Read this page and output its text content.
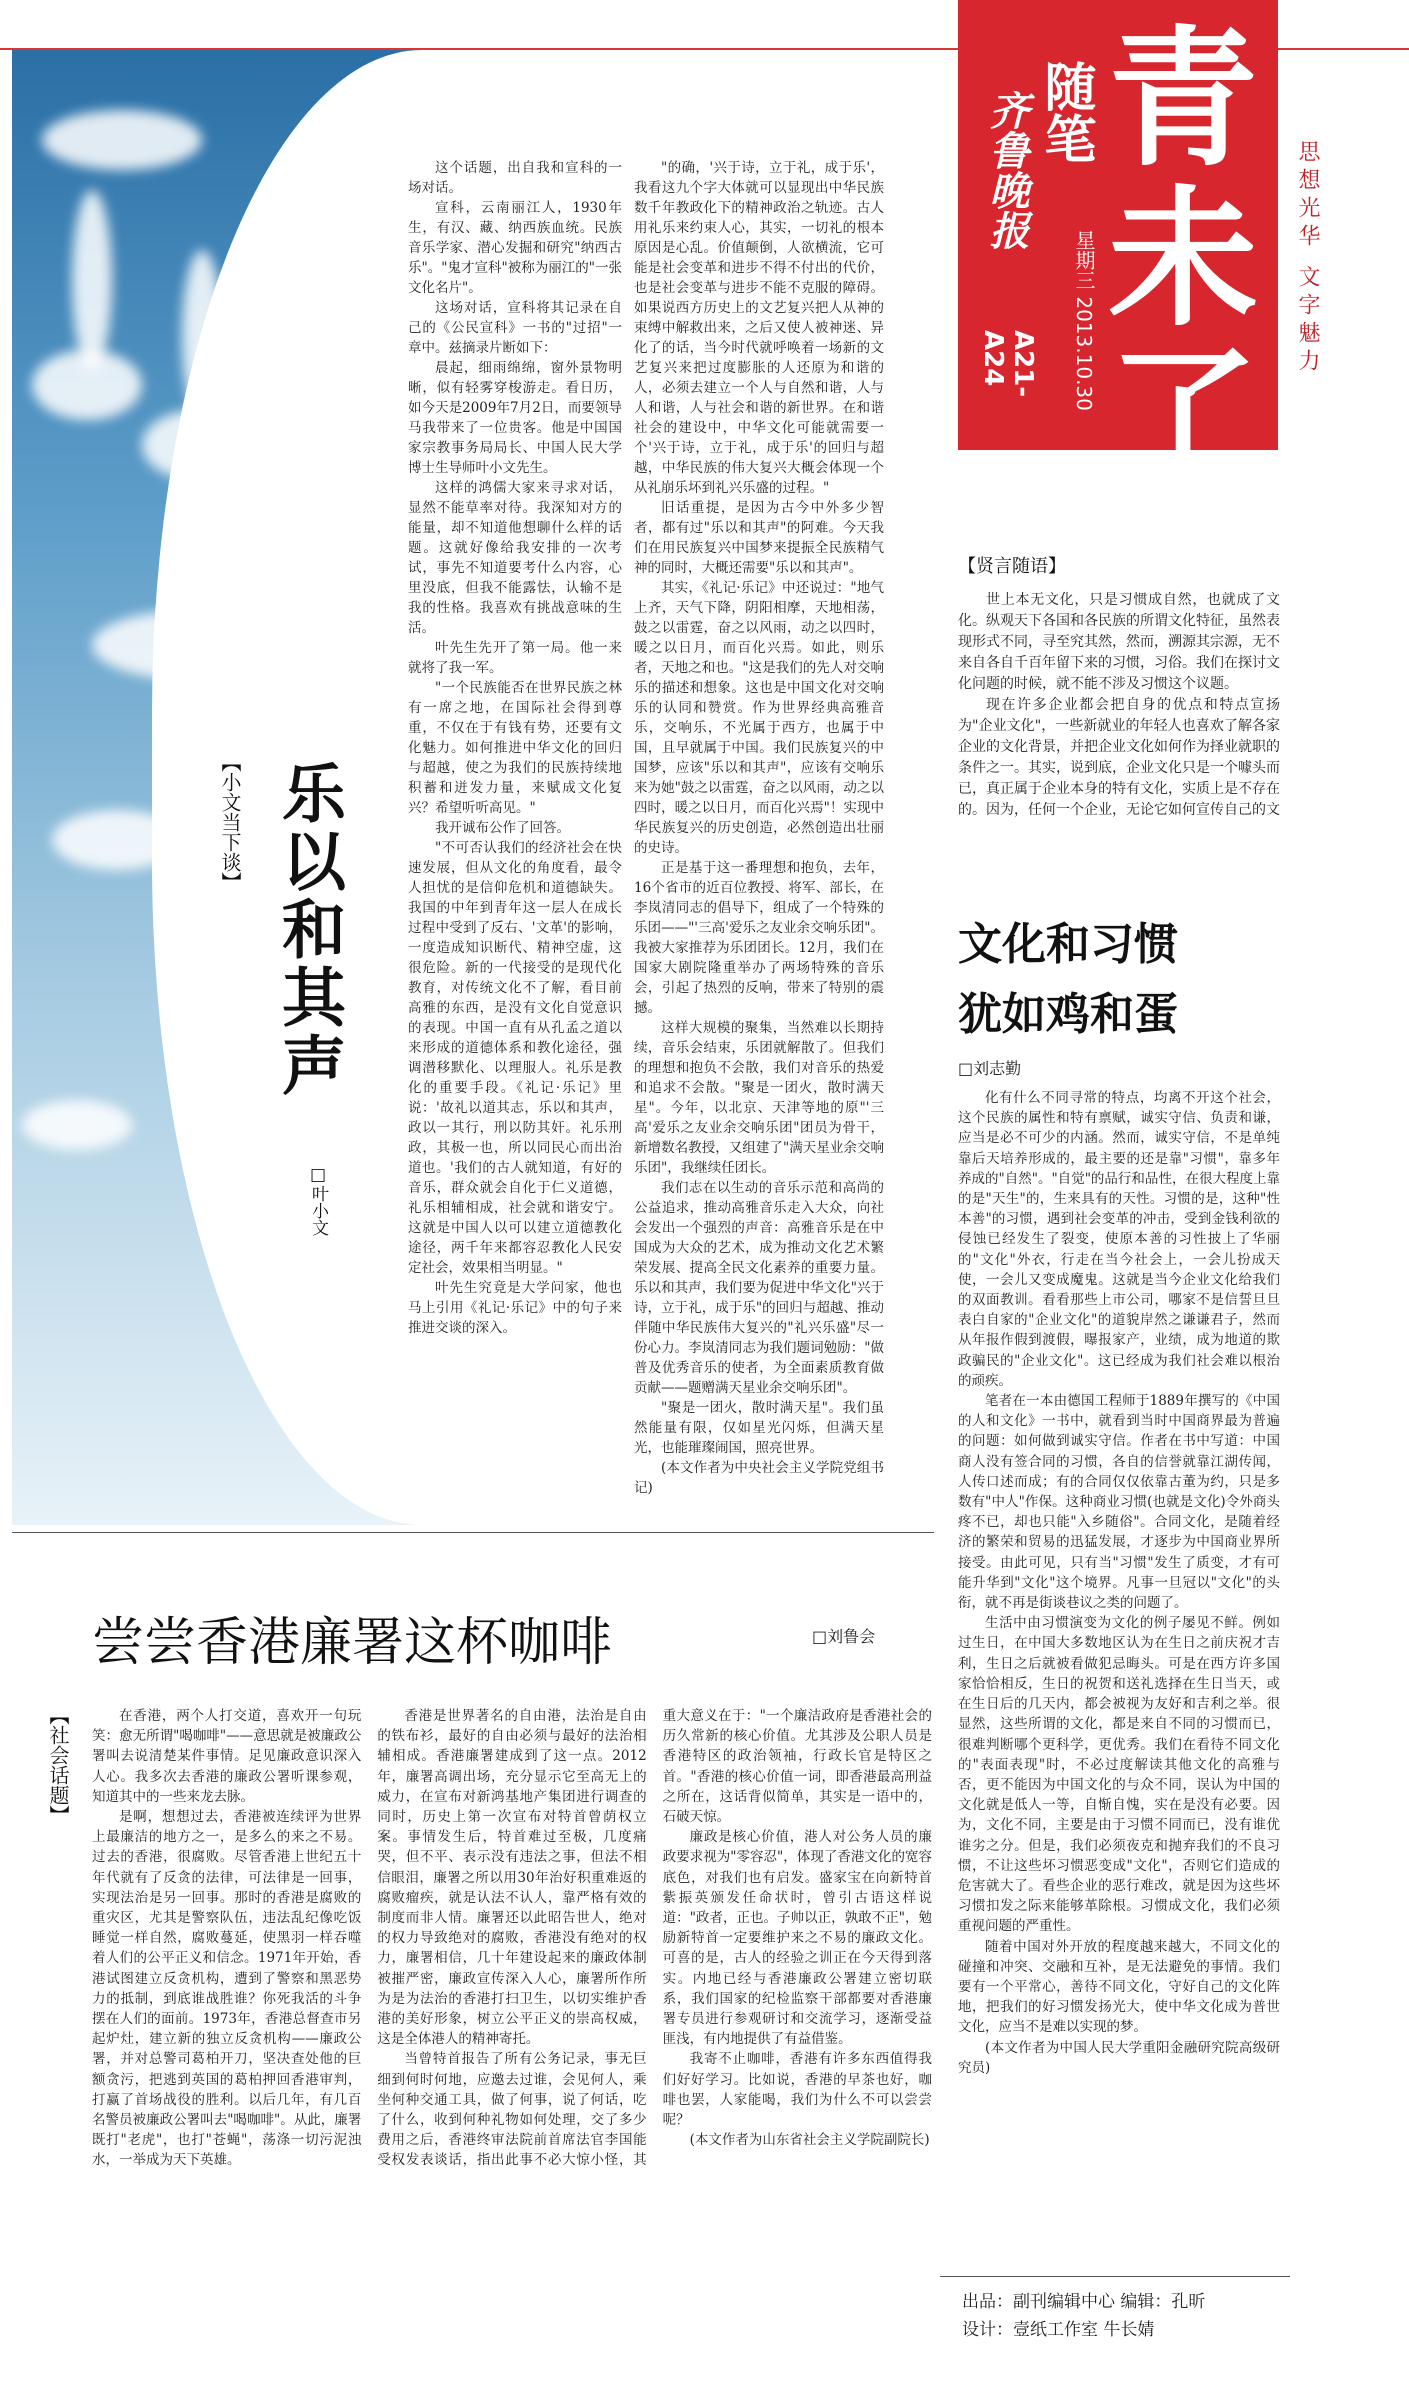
乐以和其声
【小文当下谈】
□叶小文

这个话题，出自我和宣科的一场对话。

宣科，云南丽江人，1930年生，有汉、藏、纳西族血统。民族音乐学家、潜心发掘和研究"纳西古乐"。"鬼才宣科"被称为丽江的"一张文化名片"。

这场对话，宣科将其记录在自己的《公民宣科》一书的"过招"一章中。兹摘录片断如下：

晨起，细雨绵绵，窗外景物明晰，似有轻雾穿梭游走。看日历，如今天是2009年7月2日，而要领导马我带来了一位贵客。他是中国国家宗教事务局局长、中国人民大学博士生导师叶小文先生。

这样的鸿儒大家来寻求对话，显然不能草率对待。我深知对方的能量，却不知道他想聊什么样的话题。这就好像给我安排的一次考试，事先不知道要考什么内容，心里没底，但我不能露怯，认输不是我的性格。我喜欢有挑战意味的生活。

叶先生先开了第一局。他一来就将了我一军。

"一个民族能否在世界民族之林有一席之地，在国际社会得到尊重，不仅在于有钱有势，还要有文化魅力。如何推进中华文化的回归与超越，使之为我们的民族持续地积蓄和迸发力量，来赋成文化复兴？希望听听高见。"

我开诚布公作了回答。

"不可否认我们的经济社会在快速发展，但从文化的角度看，最令人担忧的是信仰危机和道德缺失。我国的中年到青年这一层人在成长过程中受到了反右、'文革'的影响，一度造成知识断代、精神空虚，这很危险。新的一代接受的是现代化教育，对传统文化不了解，看目前高雅的东西，是没有文化自觉意识的表现。中国一直有从孔孟之道以来形成的道德体系和教化途径，强调潜移默化、以理服人。礼乐是教化的重要手段。《礼记·乐记》里说：'故礼以道其志，乐以和其声，政以一其行，刑以防其奸。礼乐刑政，其极一也，所以同民心而出治道也。'我们的古人就知道，有好的音乐，群众就会自化于仁义道德，礼乐相辅相成，社会就和谐安宁。这就是中国人以可以建立道德教化途径，两千年来都容忍教化人民安定社会，效果相当明显。"

叶先生究竟是大学问家，他也马上引用《礼记·乐记》中的句子来推进交谈的深入。

"的确，'兴于诗，立于礼，成于乐'，我看这九个字大体就可以显现出中华民族数千年教政化下的精神政治之轨迹。古人用礼乐来约束人心，其实，一切礼的根本原因是心乱。价值颠倒，人欲横流，它可能是社会变革和进步不得不付出的代价，也是社会变革与进步不能不克服的障碍。如果说西方历史上的文艺复兴把人从神的束缚中解救出来，之后又使人被神迷、异化了的话，当今时代就呼唤着一场新的文艺复兴来把过度膨胀的人还原为和谐的人，必须去建立一个人与自然和谐，人与人和谐，人与社会和谐的新世界。在和谐社会的建设中，中华文化可能就需要一个'兴于诗，立于礼，成于乐'的回归与超越，中华民族的伟大复兴大概会体现一个从礼崩乐坏到礼兴乐盛的过程。"

旧话重提，是因为古今中外多少智者，都有过"乐以和其声"的阿难。今天我们在用民族复兴中国梦来提振全民族精气神的同时，大概还需要"乐以和其声"。

其实，《礼记·乐记》中还说过："地气上齐，天气下降，阴阳相摩，天地相荡，鼓之以雷霆，奋之以风雨，动之以四时，暖之以日月，而百化兴焉。如此，则乐者，天地之和也。"这是我们的先人对交响乐的描述和想象。这也是中国文化对交响乐的认同和赞赏。作为世界经典高雅音乐，交响乐，不光属于西方，也属于中国，且早就属于中国。我们民族复兴的中国梦，应该"乐以和其声"，应该有交响乐来为她"鼓之以雷霆，奋之以风雨，动之以四时，暖之以日月，而百化兴焉"！实现中华民族复兴的历史创造，必然创造出壮丽的史诗。

正是基于这一番理想和抱负，去年，16个省市的近百位教授、将军、部长，在李岚清同志的倡导下，组成了一个特殊的乐团——"'三高'爱乐之友业余交响乐团"。我被大家推荐为乐团团长。12月，我们在国家大剧院隆重举办了两场特殊的音乐会，引起了热烈的反响，带来了特别的震撼。

这样大规模的聚集，当然难以长期持续，音乐会结束，乐团就解散了。但我们的理想和抱负不会散，我们对音乐的热爱和追求不会散。"聚是一团火，散时满天星"。今年，以北京、天津等地的原"'三高'爱乐之友业余交响乐团"团员为骨干，新增数名教授，又组建了"满天星业余交响乐团"，我继续任团长。

我们志在以生动的音乐示范和高尚的公益追求，推动高雅音乐走入大众，向社会发出一个强烈的声音：高雅音乐是在中国成为大众的艺术，成为推动文化艺术繁荣发展、提高全民文化素养的重要力量。乐以和其声，我们要为促进中华文化"兴于诗，立于礼，成于乐"的回归与超越、推动伴随中华民族伟大复兴的"礼兴乐盛"尽一份心力。李岚清同志为我们题词勉励："做普及优秀音乐的使者，为全面素质教育做贡献——题赠满天星业余交响乐团"。

"聚是一团火，散时满天星"。我们虽然能量有限，仅如星光闪烁，但满天星光，也能璀璨闹国，照亮世界。

(本文作者为中央社会主义学院党组书记)

青未了
随笔
齐鲁晚报
星期三 2013.10.30
A21-A24	思想光华 文字魅力
【贤言随语】

世上本无文化，只是习惯成自然，也就成了文化。纵观天下各国和各民族的所谓文化特征，虽然表现形式不同，寻至究其然，然而，溯源其宗源，无不来自各自千百年留下来的习惯，习俗。我们在探讨文化问题的时候，就不能不涉及习惯这个议题。

现在许多企业都会把自身的优点和特点宣扬为"企业文化"，一些新就业的年轻人也喜欢了解各家企业的文化背景，并把企业文化如何作为择业就职的条件之一。其实，说到底，企业文化只是一个噱头而已，真正属于企业本身的特有文化，实质上是不存在的。因为，任何一个企业，无论它如何宣传自己的文

文化和习惯
犹如鸡和蛋
□刘志勤

化有什么不同寻常的特点，均离不开这个社会，这个民族的属性和特有禀赋，诚实守信、负责和谦，应当是必不可少的内涵。然而，诚实守信，不是单纯靠后天培养形成的，最主要的还是靠"习惯"，靠多年养成的"自然"。"自觉"的品行和品性，在很大程度上靠的是"天生"的，生来具有的天性。习惯的是，这种"性本善"的习惯，遇到社会变革的冲击，受到金钱利欲的侵蚀已经发生了裂变，使原本善的习性披上了华丽的"文化"外衣，行走在当今社会上，一会儿扮成天使，一会儿又变成魔鬼。这就是当今企业文化给我们的双面教训。看看那些上市公司，哪家不是信誓旦旦表白自家的"企业文化"的道貌岸然之谦谦君子，然而从年报作假到渡假，曝报家产，业绩，成为地道的欺政骗民的"企业文化"。这已经成为我们社会难以根治的顽疾。

笔者在一本由德国工程师于1889年撰写的《中国的人和文化》一书中，就看到当时中国商界最为普遍的问题：如何做到诚实守信。作者在书中写道：中国商人没有签合同的习惯，各自的信誉就靠江湖传闻，人传口述而成；有的合同仅仅依靠古董为约，只是多数有"中人"作保。这种商业习惯(也就是文化)令外商头疼不已，却也只能"入乡随俗"。合同文化，是随着经济的繁荣和贸易的迅猛发展，才逐步为中国商业界所接受。由此可见，只有当"习惯"发生了质变，才有可能升华到"文化"这个境界。凡事一旦冠以"文化"的头衔，就不再是街谈巷议之类的问题了。

生活中由习惯演变为文化的例子屡见不鲜。例如过生日，在中国大多数地区认为在生日之前庆祝才吉利，生日之后就被看做犯忌晦头。可是在西方许多国家恰恰相反，生日的祝贺和送礼选择在生日当天，或在生日后的几天内，都会被视为友好和吉利之举。很显然，这些所谓的文化，都是来自不同的习惯而已，很难判断哪个更科学，更优秀。我们在看待不同文化的"表面表现"时，不必过度解读其他文化的高雅与否，更不能因为中国文化的与众不同，误认为中国的文化就是低人一等，自惭自愧，实在是没有必要。因为，文化不同，主要是由于习惯不同而已，没有谁优谁劣之分。但是，我们必须夜克和抛弃我们的不良习惯，不让这些坏习惯恶变成"文化"，否则它们造成的危害就大了。看些企业的恶行难改，就是因为这些坏习惯扣发之际来能够革除根。习惯成文化，我们必须重视问题的严重性。

随着中国对外开放的程度越来越大，不同文化的碰撞和冲突、交融和互补，是无法避免的事情。我们要有一个平常心，善待不同文化，守好自己的文化阵地，把我们的好习惯发扬光大，使中华文化成为普世文化，应当不是难以实现的梦。

(本文作者为中国人民大学重阳金融研究院高级研究员)

尝尝香港廉署这杯咖啡	□刘鲁会
【社会话题】	在香港，两个人打交道，喜欢开一句玩笑：愈无所谓"喝咖啡"——意思就是被廉政公署叫去说清楚某件事情。足见廉政意识深入人心。我多次去香港的廉政公署听课参观，知道其中的一些来龙去脉。

是啊，想想过去，香港被连续评为世界上最廉洁的地方之一，是多么的来之不易。过去的香港，很腐败。尽管香港上世纪五十年代就有了反贪的法律，可法律是一回事，实现法治是另一回事。那时的香港是腐败的重灾区，尤其是警察队伍，违法乱纪像吃饭睡觉一样自然，腐败蔓延，使黑羽一样吞噬着人们的公平正义和信念。1971年开始，香港试图建立反贪机构，遭到了警察和黑恶势力的抵制，到底谁战胜谁？你死我活的斗争摆在人们的面前。1973年，香港总督查市另起炉灶，建立新的独立反贪机构——廉政公署，并对总警司葛柏开刀，坚决查处他的巨额贪污，把逃到英国的葛柏押回香港审判，打赢了首场战役的胜利。以后几年，有几百名警员被廉政公署叫去"喝咖啡"。从此，廉署既打"老虎"，也打"苍蝇"，荡涤一切污泥浊水，一举成为天下英雄。

香港是世界著名的自由港，法治是自由的铁布衫，最好的自由必须与最好的法治相辅相成。香港廉署建成到了这一点。2012年，廉署高调出场，充分显示它至高无上的威力，在宣布对新鸿基地产集团进行调查的同时，历史上第一次宣布对特首曾荫权立案。事情发生后，特首难过至极，几度痛哭，但不平、表示没有违法之事，但法不相信眼泪，廉署之所以用30年治好积重难返的腐败瘤疾，就是认法不认人，靠严格有效的制度而非人情。廉署还以此昭告世人，绝对的权力导致绝对的腐败，香港没有绝对的权力，廉署相信，几十年建设起来的廉政体制被摧严密，廉政宣传深入人心，廉署所作所为是为法治的香港打扫卫生，以切实维护香港的美好形象，树立公平正义的崇高权威，这是全体港人的精神寄托。

当曾特首报告了所有公务记录，事无巨细到何时何地，应邀去过谁，会见何人，乘坐何种交通工具，做了何事，说了何话，吃了什么，收到何种礼物如何处理，交了多少费用之后，香港终审法院前首席法官李国能受权发表谈话，指出此事不必大惊小怪，其重大意义在于："一个廉洁政府是香港社会的历久常新的核心价值。尤其涉及公职人员是香港特区的政治领袖，行政长官是特区之首。"香港的核心价值一词，即香港最高刑益之所在，这话背似简单，其实是一语中的，石破天惊。

廉政是核心价值，港人对公务人员的廉政要求视为"零容忍"，体现了香港文化的宽容底色，对我们也有启发。盛家宝在向新特首紫振英颁发任命状时，曾引古语这样说道："政者，正也。子帅以正，孰敢不正"，勉励新特首一定要维护来之不易的廉政文化。可喜的是，古人的经验之训正在今天得到落实。内地已经与香港廉政公署建立密切联系，我们国家的纪检监察干部都要对香港廉署专员进行参观研讨和交流学习，逐渐受益匪浅，有内地提供了有益借鉴。

我寄不止咖啡，香港有许多东西值得我们好好学习。比如说，香港的早茶也好，咖啡也罢，人家能喝，我们为什么不可以尝尝呢？

(本文作者为山东省社会主义学院副院长)

出品：副刊编辑中心 编辑：孔昕
设计：壹纸工作室 牛长婧
